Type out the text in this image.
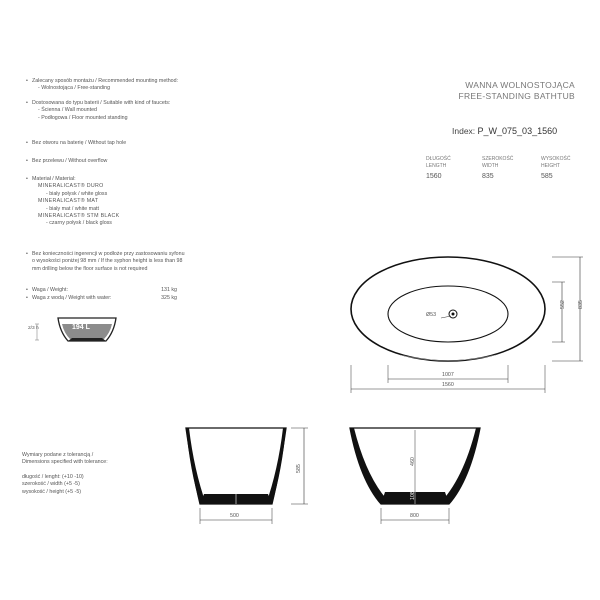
WANNA WOLNOSTOJĄCA
FREE-STANDING BATHTUB
Index: P_W_075_03_1560
DŁUGOŚĆ
LENGTH
1560
SZEROKOŚĆ
WIDTH
835
WYSOKOŚĆ
HEIGHT
585
• Zalecany sposób montażu / Recommended mounting method:
- Wolnostojąca / Free-standing
• Dostosowana do typu baterii / Suitable with kind of faucets:
- Ścienna / Wall mounted
- Podłogowa / Floor mounted standing
• Bez otworu na baterię / Without tap hole
• Bez przelewu / Without overflow
• Materiał / Material:
MINERALICAST® DURO
- biały połysk / white gloss
MINERALICAST® MAT
- biały mat / white matt
MINERALICAST® STM BLACK
- czarny połysk / black gloss
• Bez konieczności ingerencji w podłoże przy zastosowaniu syfonu
o wysokości poniżej 98 mm / If the syphon height is less than 98
mm drilling below the floor surface is not required
• Waga / Weight:	131 kg
• Waga z wodą / Weight with water:	325 kg
2/3 h	194 L
Wymiary podane z tolerancją /
Dimensions specified with tolerance:
długość / lenght: (+10 -10)
szerokość / width (+5 -5)
wysokość / height (+5 -5)
Ø53
1007
1560
552 835
500
585
460
108
800
